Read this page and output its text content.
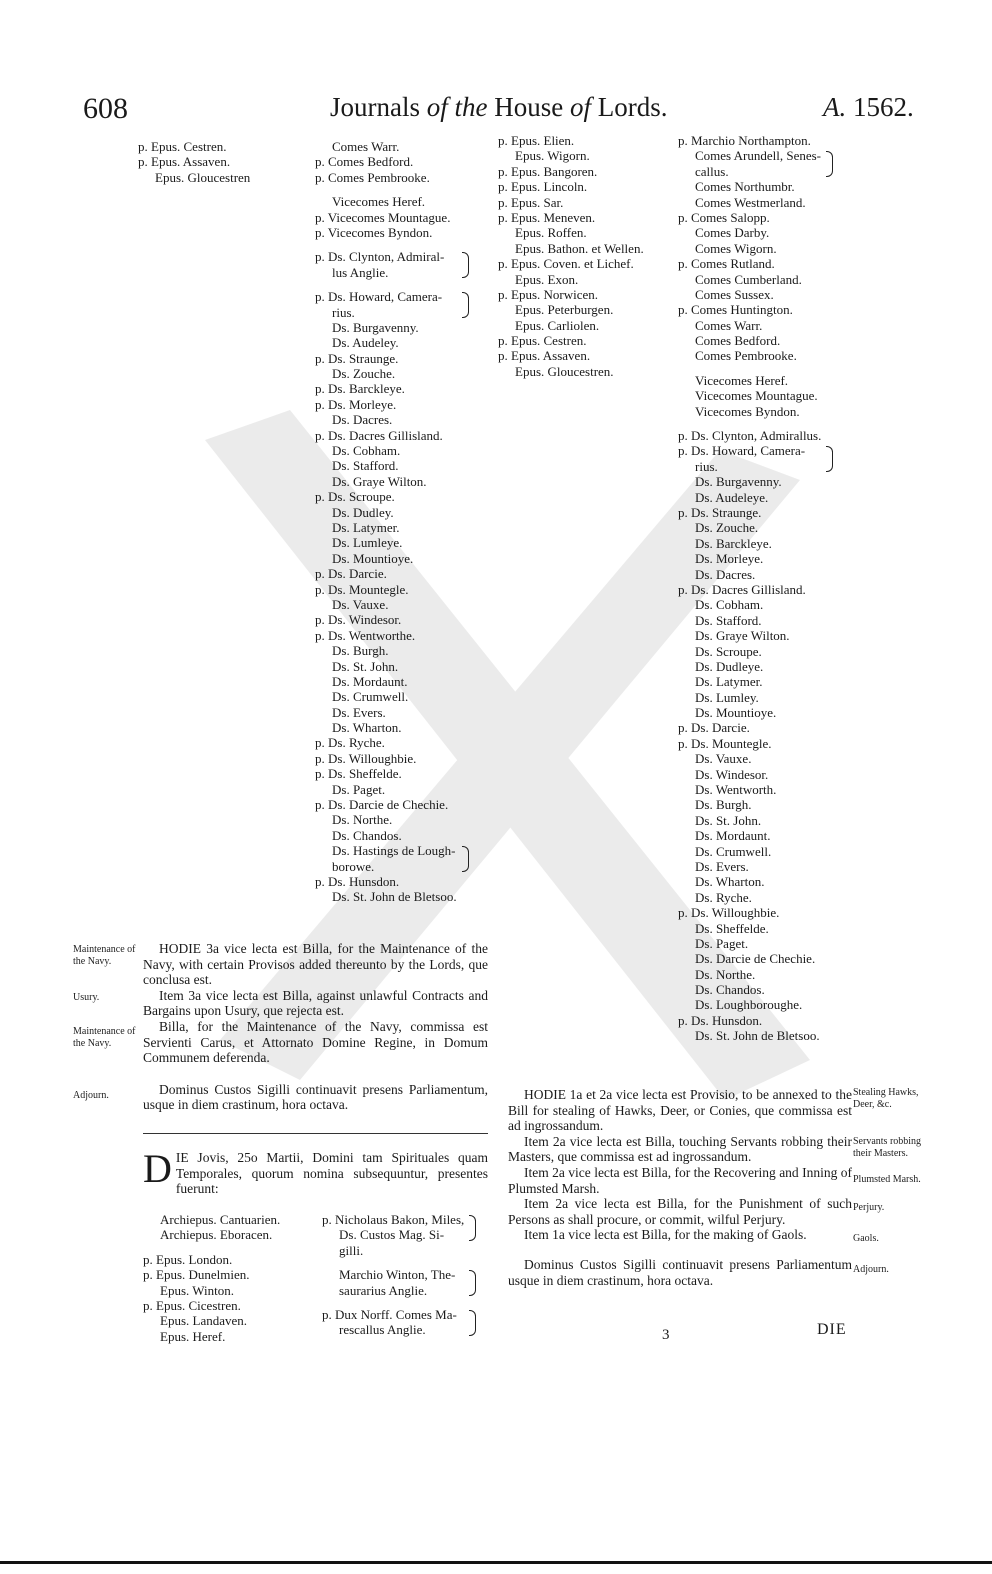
608	Journals of the House of Lords.	A. 1562.
p. Epus. Cestren.
p. Epus. Assaven.
Epus. Gloucestren
Comes Warr.
p. Comes Bedford.
p. Comes Pembrooke.
Vicecomes Heref.
p. Vicecomes Mountague.
p. Vicecomes Byndon.
p. Ds. Clynton, Admiral-
lus Anglie.
p. Ds. Howard, Camera-
rius.
Ds. Burgavenny.
Ds. Audeley.
p. Ds. Straunge.
Ds. Zouche.
p. Ds. Barckleye.
p. Ds. Morleye.
Ds. Dacres.
p. Ds. Dacres Gillisland.
Ds. Cobham.
Ds. Stafford.
Ds. Graye Wilton.
p. Ds. Scroupe.
Ds. Dudley.
Ds. Latymer.
Ds. Lumleye.
Ds. Mountioye.
p. Ds. Darcie.
p. Ds. Mountegle.
Ds. Vauxe.
p. Ds. Windesor.
p. Ds. Wentworthe.
Ds. Burgh.
Ds. St. John.
Ds. Mordaunt.
Ds. Crumwell.
Ds. Evers.
Ds. Wharton.
p. Ds. Ryche.
p. Ds. Willoughbie.
p. Ds. Sheffelde.
Ds. Paget.
p. Ds. Darcie de Chechie.
Ds. Northe.
Ds. Chandos.
Ds. Hastings de Lough-
borowe.
p. Ds. Hunsdon.
Ds. St. John de Bletsoo.
p. Epus. Elien.
Epus. Wigorn.
p. Epus. Bangoren.
p. Epus. Lincoln.
p. Epus. Sar.
p. Epus. Meneven.
Epus. Roffen.
Epus. Bathon. et Wellen.
p. Epus. Coven. et Lichef.
Epus. Exon.
p. Epus. Norwicen.
Epus. Peterburgen.
Epus. Carliolen.
p. Epus. Cestren.
p. Epus. Assaven.
Epus. Gloucestren.
p. Marchio Northampton.
Comes Arundell, Senes-
callus.
Comes Northumbr.
Comes Westmerland.
p. Comes Salopp.
Comes Darby.
Comes Wigorn.
p. Comes Rutland.
Comes Cumberland.
Comes Sussex.
p. Comes Huntington.
Comes Warr.
Comes Bedford.
Comes Pembrooke.
Vicecomes Heref.
Vicecomes Mountague.
Vicecomes Byndon.
p. Ds. Clynton, Admirallus.
p. Ds. Howard, Camera-
rius.
Ds. Burgavenny.
Ds. Audeleye.
p. Ds. Straunge.
Ds. Zouche.
Ds. Barckleye.
Ds. Morleye.
Ds. Dacres.
p. Ds. Dacres Gillisland.
Ds. Cobham.
Ds. Stafford.
Ds. Graye Wilton.
Ds. Scroupe.
Ds. Dudleye.
Ds. Latymer.
Ds. Lumley.
Ds. Mountioye.
p. Ds. Darcie.
p. Ds. Mountegle.
Ds. Vauxe.
Ds. Windesor.
Ds. Wentworth.
Ds. Burgh.
Ds. St. John.
Ds. Mordaunt.
Ds. Crumwell.
Ds. Evers.
Ds. Wharton.
Ds. Ryche.
p. Ds. Willoughbie.
Ds. Sheffelde.
Ds. Paget.
Ds. Darcie de Chechie.
Ds. Northe.
Ds. Chandos.
Ds. Loughboroughe.
p. Ds. Hunsdon.
Ds. St. John de Bletsoo.
Maintenance of the Navy.
Usury.
Maintenance of the Navy.
Adjourn.

HODIE 3a vice lecta est Billa, for the Maintenance of the Navy, with certain Provisos added thereunto by the Lords, que conclusa est.

Item 3a vice lecta est Billa, against unlawful Contracts and Bargains upon Usury, que rejecta est.

Billa, for the Maintenance of the Navy, commissa est Servienti Carus, et Attornato Domine Regine, in Domum Communem deferenda.

Dominus Custos Sigilli continuavit presens Parliamentum, usque in diem crastinum, hora octava.

DIE Jovis, 25o Martii, Domini tam Spirituales quam Temporales, quorum nomina subsequuntur, presentes fuerunt:
Archiepus. Cantuarien.
Archiepus. Eboracen.
p. Epus. London.
p. Epus. Dunelmien.
Epus. Winton.
p. Epus. Cicestren.
Epus. Landaven.
Epus. Heref.
p. Nicholaus Bakon, Miles,
Ds. Custos Mag. Si-
gilli.
Marchio Winton, The-
saurarius Anglie.
p. Dux Norff. Comes Ma-
rescallus Anglie.

HODIE 1a et 2a vice lecta est Provisio, to be annexed to the Bill for stealing of Hawks, Deer, or Conies, que commissa est ad ingrossandum.

Item 2a vice lecta est Billa, touching Servants robbing their Masters, que commissa est ad ingrossandum.

Item 2a vice lecta est Billa, for the Recovering and Inning of Plumsted Marsh.

Item 2a vice lecta est Billa, for the Punishment of such Persons as shall procure, or commit, wilful Perjury.

Item 1a vice lecta est Billa, for the making of Gaols.

Dominus Custos Sigilli continuavit presens Parliamentum usque in diem crastinum, hora octava.

Stealing Hawks, Deer, &c.
Servants robbing their Masters.
Plumsted Marsh.
Perjury.
Gaols.
Adjourn.
3	DIE
